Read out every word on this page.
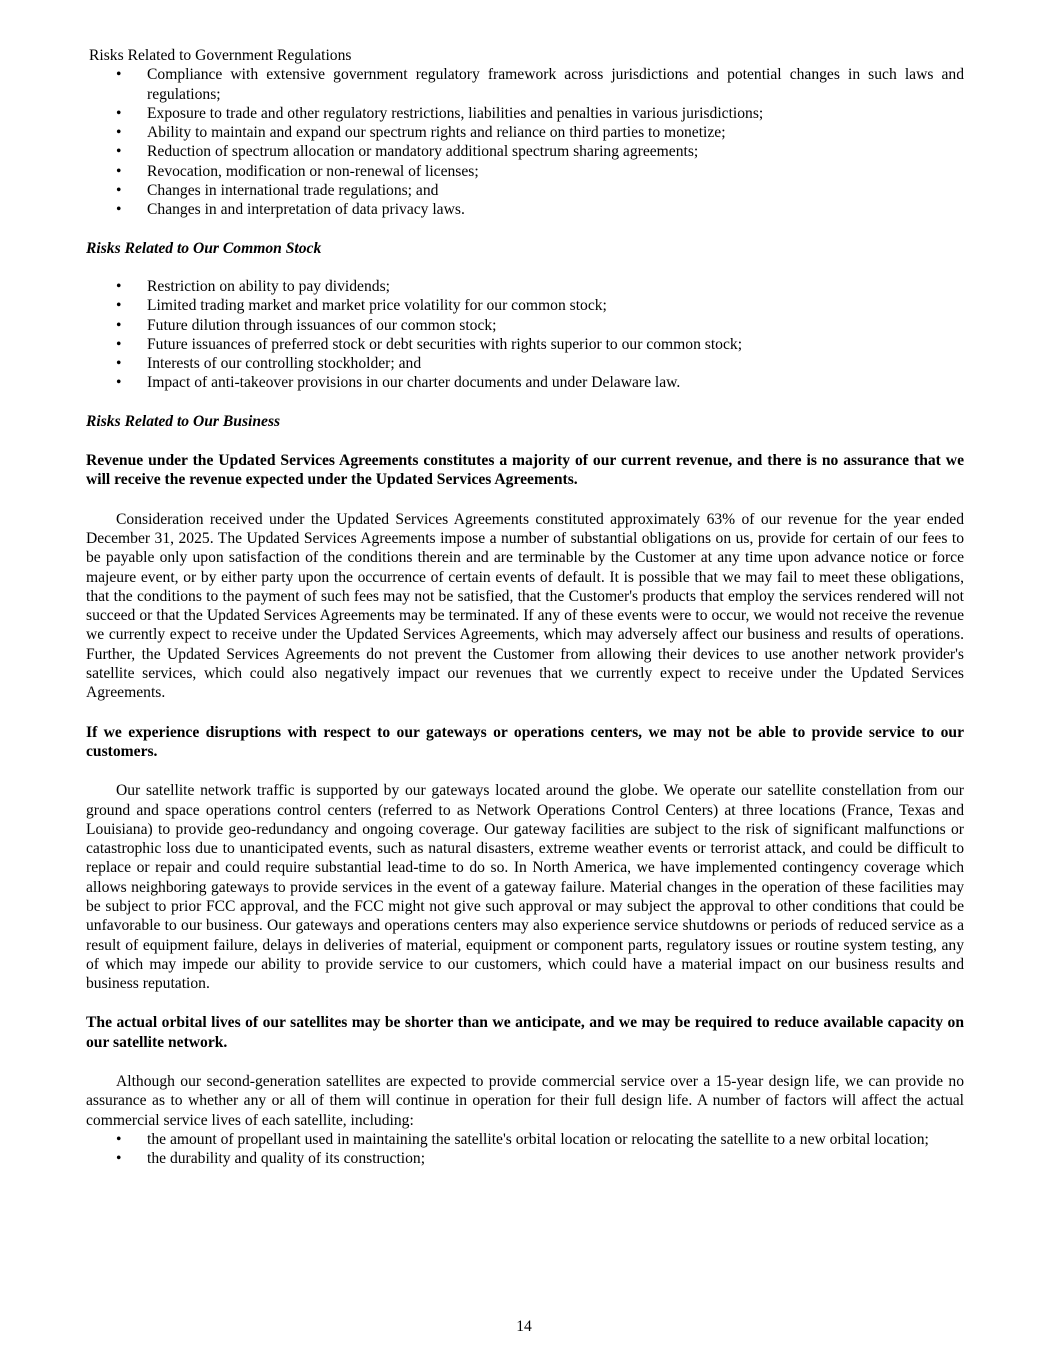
Risks Related to Government Regulations

• Compliance with extensive government regulatory framework across jurisdictions and potential changes in such laws and regulations;
• Exposure to trade and other regulatory restrictions, liabilities and penalties in various jurisdictions;
• Ability to maintain and expand our spectrum rights and reliance on third parties to monetize;
• Reduction of spectrum allocation or mandatory additional spectrum sharing agreements;
• Revocation, modification or non-renewal of licenses;
• Changes in international trade regulations; and
• Changes in and interpretation of data privacy laws.

Risks Related to Our Common Stock

• Restriction on ability to pay dividends;
• Limited trading market and market price volatility for our common stock;
• Future dilution through issuances of our common stock;
• Future issuances of preferred stock or debt securities with rights superior to our common stock;
• Interests of our controlling stockholder; and
• Impact of anti-takeover provisions in our charter documents and under Delaware law.

Risks Related to Our Business

Revenue under the Updated Services Agreements constitutes a majority of our current revenue, and there is no assurance that we will receive the revenue expected under the Updated Services Agreements.

Consideration received under the Updated Services Agreements constituted approximately 63% of our revenue for the year ended December 31, 2025. The Updated Services Agreements impose a number of substantial obligations on us, provide for certain of our fees to be payable only upon satisfaction of the conditions therein and are terminable by the Customer at any time upon advance notice or force majeure event, or by either party upon the occurrence of certain events of default. It is possible that we may fail to meet these obligations, that the conditions to the payment of such fees may not be satisfied, that the Customer's products that employ the services rendered will not succeed or that the Updated Services Agreements may be terminated. If any of these events were to occur, we would not receive the revenue we currently expect to receive under the Updated Services Agreements, which may adversely affect our business and results of operations. Further, the Updated Services Agreements do not prevent the Customer from allowing their devices to use another network provider's satellite services, which could also negatively impact our revenues that we currently expect to receive under the Updated Services Agreements.

If we experience disruptions with respect to our gateways or operations centers, we may not be able to provide service to our customers.

Our satellite network traffic is supported by our gateways located around the globe. We operate our satellite constellation from our ground and space operations control centers (referred to as Network Operations Control Centers) at three locations (France, Texas and Louisiana) to provide geo-redundancy and ongoing coverage. Our gateway facilities are subject to the risk of significant malfunctions or catastrophic loss due to unanticipated events, such as natural disasters, extreme weather events or terrorist attack, and could be difficult to replace or repair and could require substantial lead-time to do so. In North America, we have implemented contingency coverage which allows neighboring gateways to provide services in the event of a gateway failure. Material changes in the operation of these facilities may be subject to prior FCC approval, and the FCC might not give such approval or may subject the approval to other conditions that could be unfavorable to our business. Our gateways and operations centers may also experience service shutdowns or periods of reduced service as a result of equipment failure, delays in deliveries of material, equipment or component parts, regulatory issues or routine system testing, any of which may impede our ability to provide service to our customers, which could have a material impact on our business results and business reputation.

The actual orbital lives of our satellites may be shorter than we anticipate, and we may be required to reduce available capacity on our satellite network.

Although our second-generation satellites are expected to provide commercial service over a 15-year design life, we can provide no assurance as to whether any or all of them will continue in operation for their full design life. A number of factors will affect the actual commercial service lives of each satellite, including:

• the amount of propellant used in maintaining the satellite's orbital location or relocating the satellite to a new orbital location;
• the durability and quality of its construction;
14
